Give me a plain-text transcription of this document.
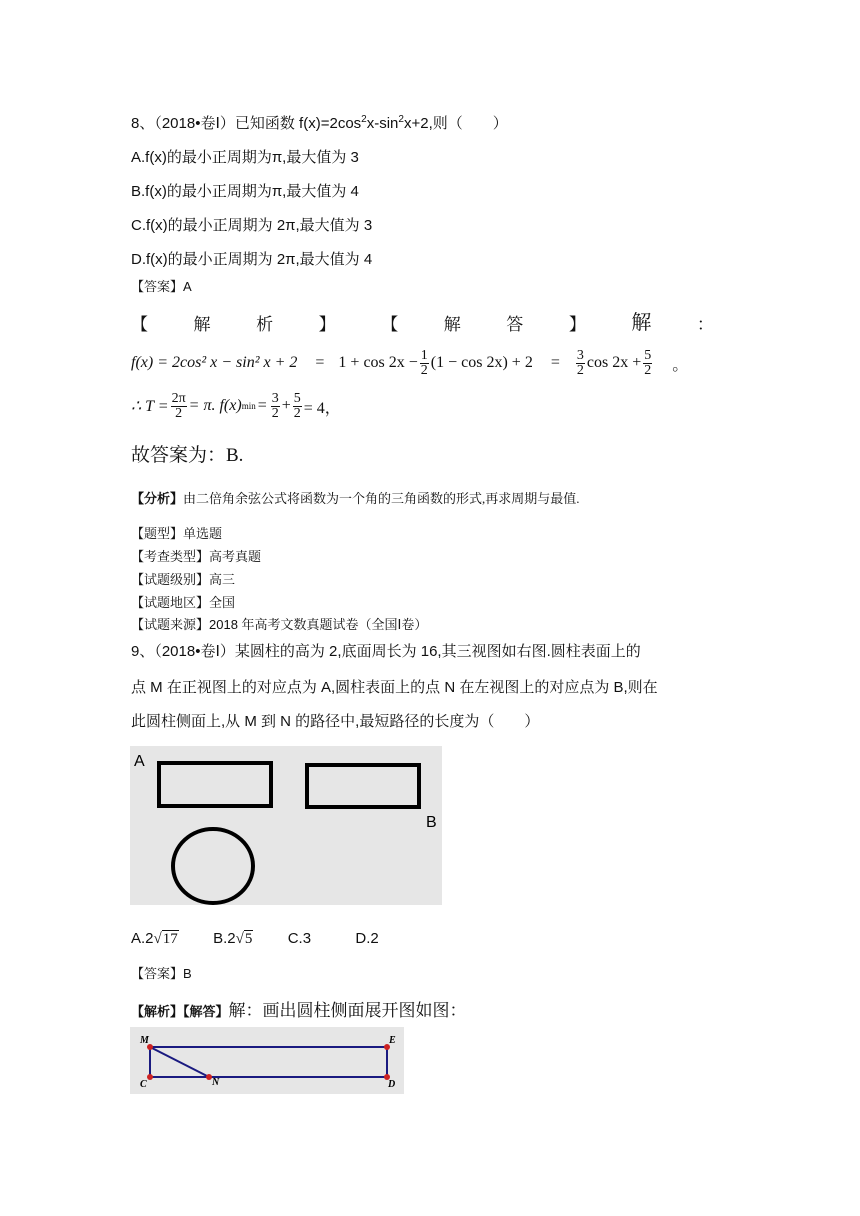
8、（2018•卷Ⅰ）已知函数 $f(x)=2\cos^2x-\sin^2x+2$,则（　　）
A.f(x)的最小正周期为π,最大值为 3
B.f(x)的最小正周期为π,最大值为 4
C.f(x)的最小正周期为 2π,最大值为 3
D.f(x)的最小正周期为 2π,最大值为 4
【答案】A
【	解	析	】	【	解	答	】 解	：
f(x) = 2cos² x − sin² $x + 2 = 1 + \cos 2x - \frac{1}{2} (1 - \cos 2x) + 2 = \frac{3}{2}$ $\cos 2x + \frac{5}{2}$ 。
∴ $T = \frac{2\pi}{2} = \pi$. f(x) $\min = \frac{3}{2} + \frac{5}{2} = 4$，
故答案为：B.
【分析】由二倍角余弦公式将函数为一个角的三角函数的形式,再求周期与最值.
【题型】单选题
【考查类型】高考真题
【试题级别】高三
【试题地区】全国
【试题来源】2018 年高考文数真题试卷（全国Ⅰ卷）
9、（2018•卷Ⅰ）某圆柱的高为 2,底面周长为 16,其三视图如右图.圆柱表面上的
点 M 在正视图上的对应点为 A,圆柱表面上的点 N 在左视图上的对应点为 B,则在
此圆柱侧面上,从 M 到 N 的路径中,最短路径的长度为（　　）
A
B
A.2√17 B.2√5 C.3	D.2
【答案】B
【解析】【解答】解：画出圆柱侧面展开图如图：
M	E
C	N	D
